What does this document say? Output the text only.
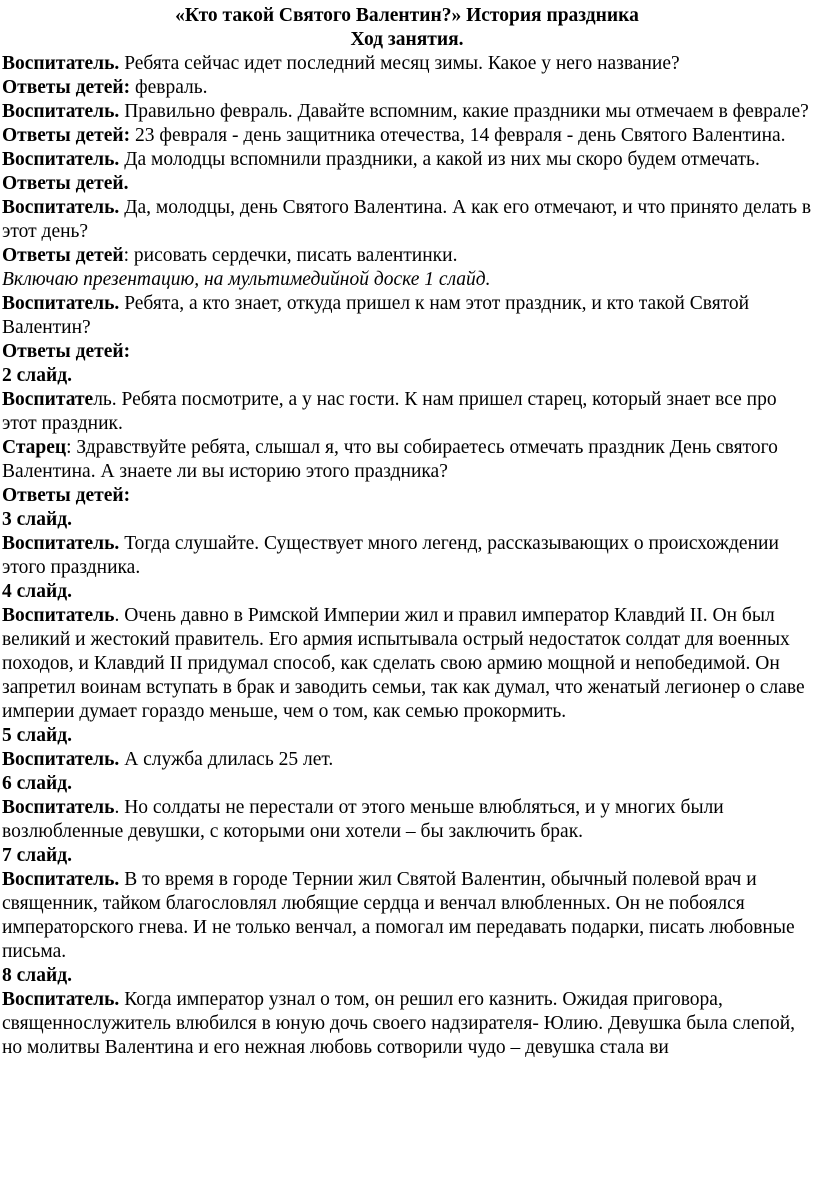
«Кто такой Святого Валентин?» История праздника

Ход занятия.

Воспитатель. Ребята сейчас идет последний месяц зимы. Какое у него название?

Ответы детей: февраль.

Воспитатель. Правильно февраль. Давайте вспомним, какие праздники мы отмечаем в феврале?

Ответы детей: 23 февраля - день защитника отечества, 14 февраля - день Святого Валентина.

Воспитатель. Да молодцы вспомнили праздники, а какой из них мы скоро будем отмечать.

Ответы детей.

Воспитатель. Да, молодцы, день Святого Валентина. А как его отмечают, и что принято делать в этот день?

Ответы детей: рисовать сердечки, писать валентинки.

Включаю презентацию, на мультимедийной доске 1 слайд.

Воспитатель. Ребята, а кто знает, откуда пришел к нам этот праздник, и кто такой Святой Валентин?

Ответы детей:

2 слайд.

Воспитатель. Ребята посмотрите, а у нас гости. К нам пришел старец, который знает все про этот праздник.

Старец: Здравствуйте ребята, слышал я, что вы собираетесь отмечать праздник День святого Валентина. А знаете ли вы историю этого праздника?

Ответы детей:

3 слайд.

Воспитатель. Тогда слушайте. Существует много легенд, рассказывающих о происхождении этого праздника.

4 слайд.

Воспитатель. Очень давно в Римской Империи жил и правил император Клавдий II. Он был великий и жестокий правитель. Его армия испытывала острый недостаток солдат для военных походов, и Клавдий II придумал способ, как сделать свою армию мощной и непобедимой. Он запретил воинам вступать в брак и заводить семьи, так как думал, что женатый легионер о славе империи думает гораздо меньше, чем о том, как семью прокормить.

5 слайд.

Воспитатель. А служба длилась 25 лет.

6 слайд.

Воспитатель. Но солдаты не перестали от этого меньше влюбляться, и у многих были возлюбленные девушки, с которыми они хотели – бы заключить брак.

7 слайд.

Воспитатель. В то время в городе Тернии жил Святой Валентин, обычный полевой врач и священник, тайком благословлял любящие сердца и венчал влюбленных. Он не побоялся императорского гнева. И не только венчал, а помогал им передавать подарки, писать любовные письма.

8 слайд.

Воспитатель. Когда император узнал о том, он решил его казнить. Ожидая приговора, священнослужитель влюбился в юную дочь своего надзирателя- Юлию. Девушка была слепой, но молитвы Валентина и его нежная любовь сотворили чудо – девушка стала ви
